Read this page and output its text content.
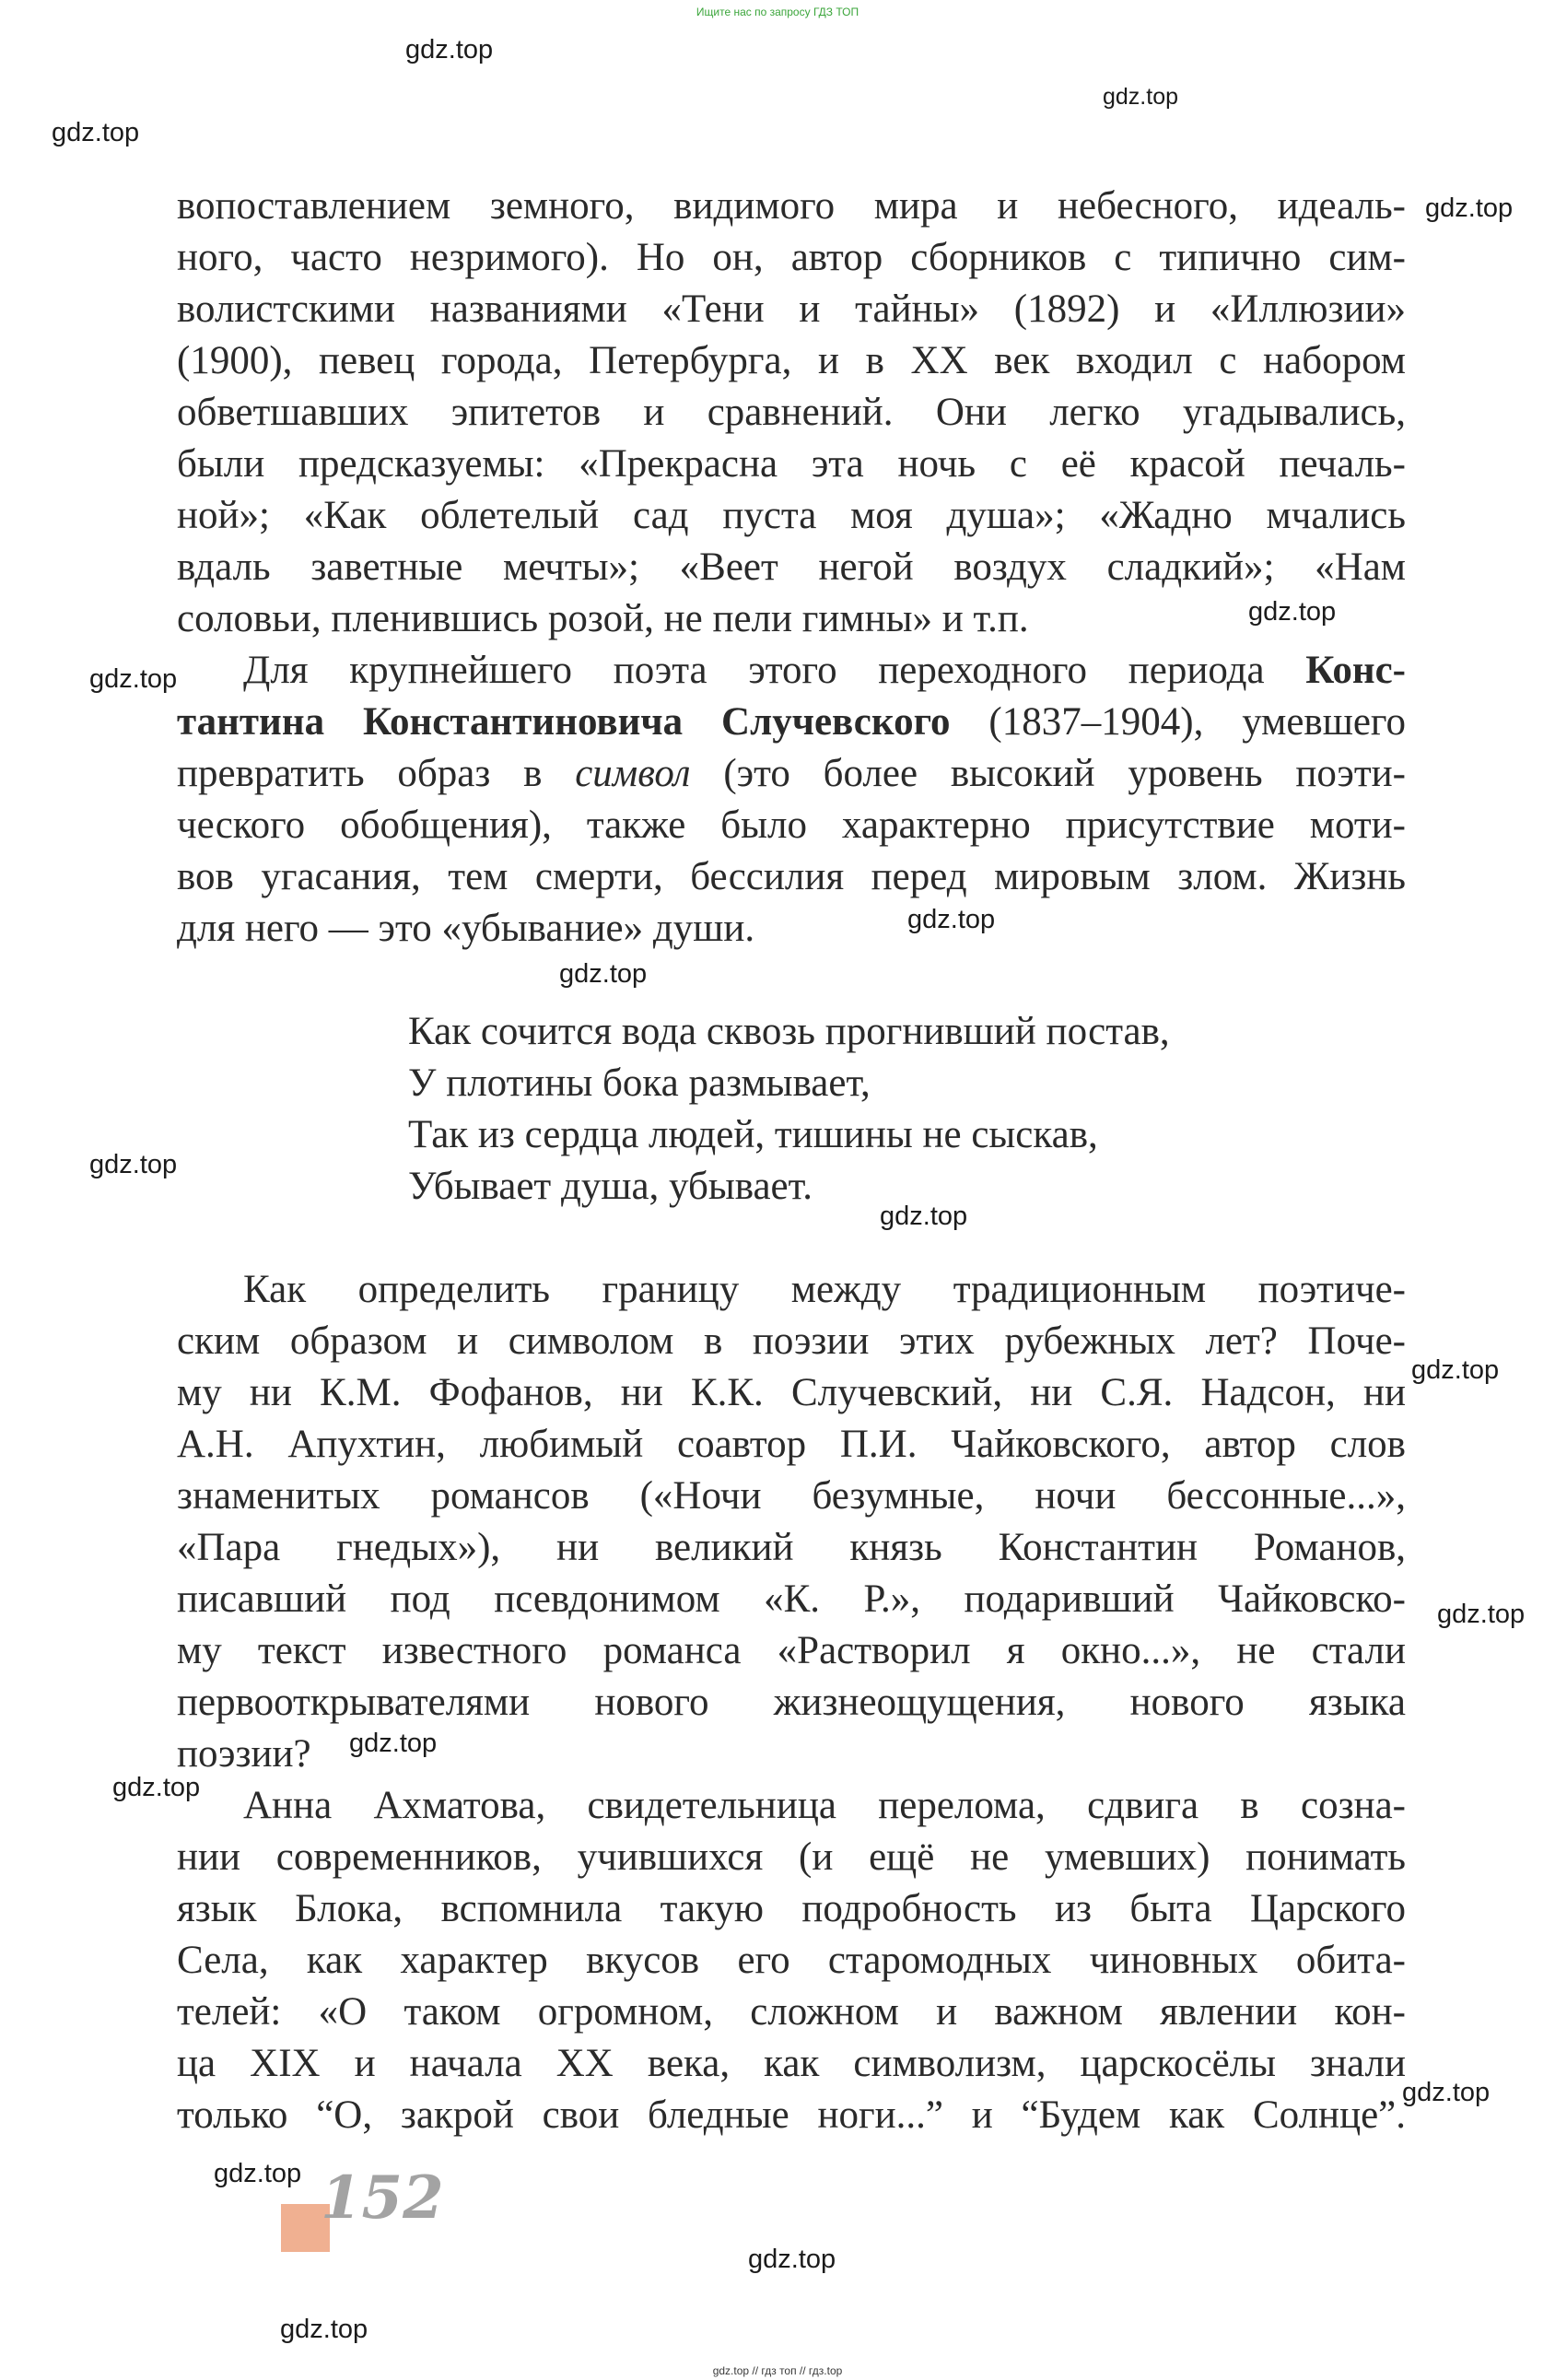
Ищите нас по запросу ГДЗ ТОП
вопоставлением земного, видимого мира и небесного, идеаль-
ного, часто незримого). Но он, автор сборников с типично сим-
волистскими названиями «Тени и тайны» (1892) и «Иллюзии»
(1900), певец города, Петербурга, и в XX век входил с набором
обветшавших эпитетов и сравнений. Они легко угадывались,
были предсказуемы: «Прекрасна эта ночь с её красой печаль-
ной»; «Как облетелый сад пуста моя душа»; «Жадно мчались
вдаль заветные мечты»; «Веет негой воздух сладкий»; «Нам
соловьи, пленившись розой, не пели гимны» и т.п.
Для крупнейшего поэта этого переходного периода Конс-
тантина Константиновича Случевского (1837–1904), умевшего
превратить образ в символ (это более высокий уровень поэти-
ческого обобщения), также было характерно присутствие моти-
вов угасания, тем смерти, бессилия перед мировым злом. Жизнь
для него — это «убывание» души.
Как сочится вода сквозь прогнивший постав,
У плотины бока размывает,
Так из сердца людей, тишины не сыскав,
Убывает душа, убывает.
Как определить границу между традиционным поэтиче-
ским образом и символом в поэзии этих рубежных лет? Поче-
му ни К.М. Фофанов, ни К.К. Случевский, ни С.Я. Надсон, ни
А.Н. Апухтин, любимый соавтор П.И. Чайковского, автор слов
знаменитых романсов («Ночи безумные, ночи бессонные...»,
«Пара гнедых»), ни великий князь Константин Романов,
писавший под псевдонимом «К. Р.», подаривший Чайковско-
му текст известного романса «Растворил я окно...», не стали
первооткрывателями нового жизнеощущения, нового языка
поэзии?
Анна Ахматова, свидетельница перелома, сдвига в созна-
нии современников, учившихся (и ещё не умевших) понимать
язык Блока, вспомнила такую подробность из быта Царского
Села, как характер вкусов его старомодных чиновных обита-
телей: «О таком огромном, сложном и важном явлении кон-
ца XIX и начала XX века, как символизм, царскосёлы знали
только “О, закрой свои бледные ноги...” и “Будем как Солнце”.
152
gdz.top
gdz.top
gdz.top
gdz.top
gdz.top
gdz.top
gdz.top
gdz.top
gdz.top
gdz.top
gdz.top
gdz.top
gdz.top
gdz.top
gdz.top
gdz.top
gdz.top
gdz.top
gdz.top // гдз топ // гдз.top
